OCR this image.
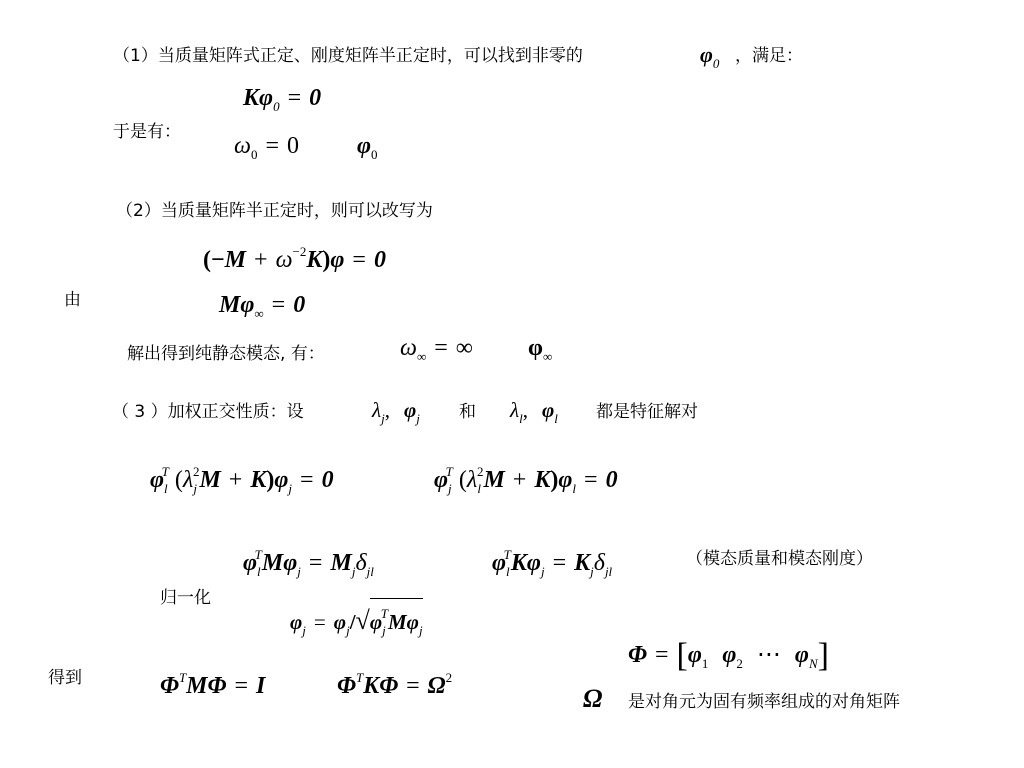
（1）当质量矩阵式正定、刚度矩阵半正定时，可以找到非零的	$\varphi_0$ ，满足：
$K\varphi_0 = 0$
于是有：
$\omega_0 = 0$ $\varphi_0$
（2）当质量矩阵半正定时，则可以改写为
$(-M + \omega^{-2}K)\varphi = 0$
由	$M\varphi_\infty = 0$
解出得到纯静态模态, 有：	$\omega_\infty$ = ∞ $\varphi_\infty$
（ 3 ）加权正交性质：设	$\lambda_j$, $\varphi_j$ 和 $\lambda_l$, $\varphi_l$ 都是特征解对
$\varphi_l^T$ $(\lambda_j^2M + K)\varphi_j = 0$	$\varphi_j^T$ $(\lambda_l^2M + K)\varphi_l = 0$
$\varphi_l^TM\varphi_j = M_j\delta_{jl}$	$\varphi_l^TK\varphi_j = K_j\delta_{jl}$
（模态质量和模态刚度）
归一化
$\varphi_j = \varphi_j/√\varphi_j^TM\varphi_j$
$\Phi = [\varphi_1$ $\varphi_2$ ⋯ $\varphi_N$]
得到	$\Phi^TM\Phi = I$	$\Phi^TK\Phi = \Omega^2$
Ω 是对角元为固有频率组成的对角矩阵
